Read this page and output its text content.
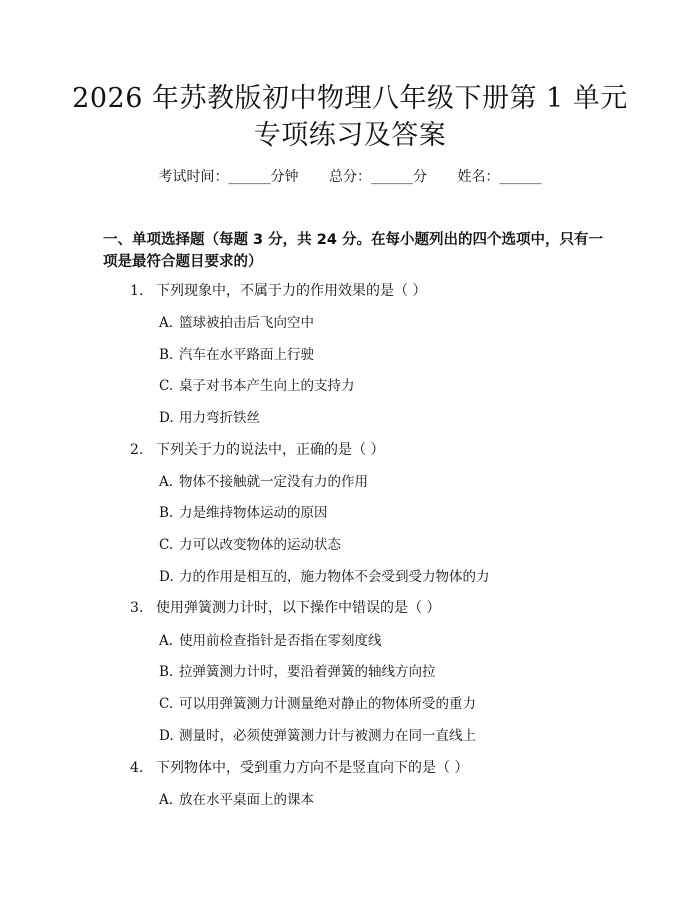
2026 年苏教版初中物理八年级下册第 1 单元
专项练习及答案
考试时间：______分钟 总分：______分 姓名：______
一、单项选择题（每题 3 分，共 24 分。在每小题列出的四个选项中，只有一项是最符合题目要求的）
1. 下列现象中，不属于力的作用效果的是（ ）
A. 篮球被拍击后飞向空中
B. 汽车在水平路面上行驶
C. 桌子对书本产生向上的支持力
D. 用力弯折铁丝
2. 下列关于力的说法中，正确的是（ ）
A. 物体不接触就一定没有力的作用
B. 力是维持物体运动的原因
C. 力可以改变物体的运动状态
D. 力的作用是相互的，施力物体不会受到受力物体的力
3. 使用弹簧测力计时，以下操作中错误的是（ ）
A. 使用前检查指针是否指在零刻度线
B. 拉弹簧测力计时，要沿着弹簧的轴线方向拉
C. 可以用弹簧测力计测量绝对静止的物体所受的重力
D. 测量时，必须使弹簧测力计与被测力在同一直线上
4. 下列物体中，受到重力方向不是竖直向下的是（ ）
A. 放在水平桌面上的课本
